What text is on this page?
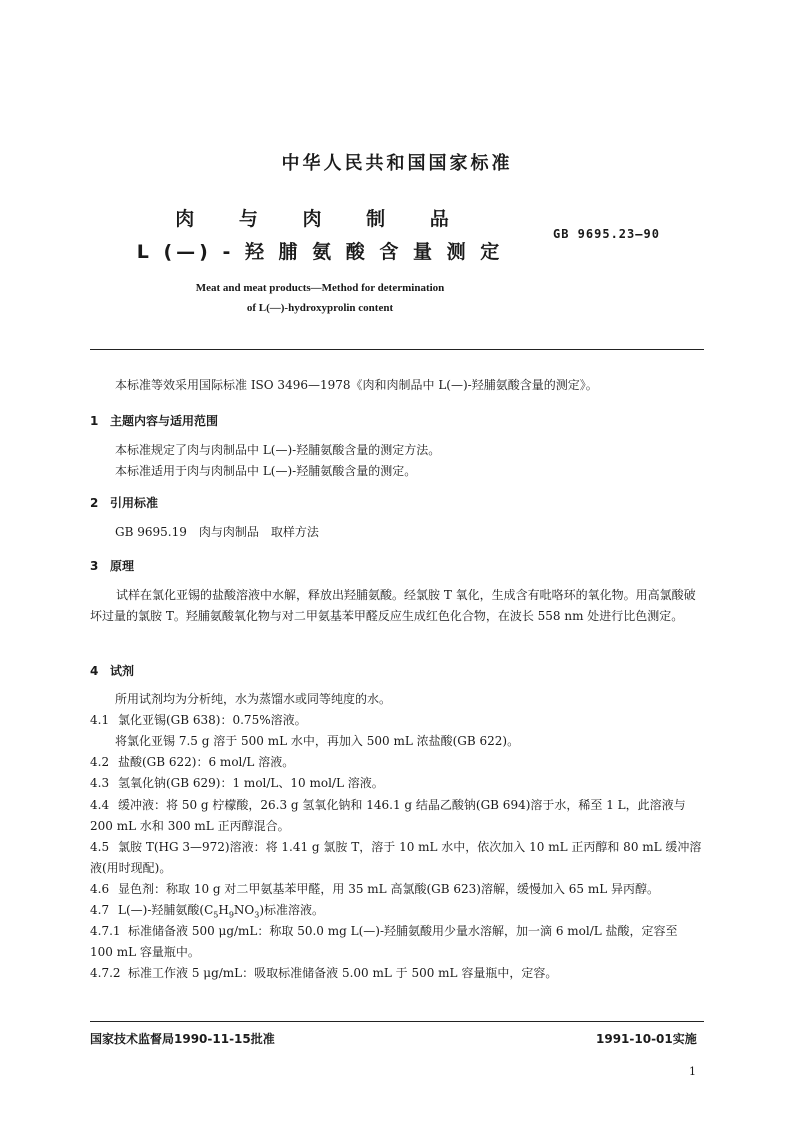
中华人民共和国国家标准
肉 与 肉 制 品
L (—) - 羟 脯 氨 酸 含 量 测 定
GB 9695.23—90
Meat and meat products—Method for determination
of L(—)-hydroxyprolin content
本标准等效采用国际标准 ISO 3496—1978《肉和肉制品中 L(—)-羟脯氨酸含量的测定》。
1 主题内容与适用范围
本标准规定了肉与肉制品中 L(—)-羟脯氨酸含量的测定方法。
本标准适用于肉与肉制品中 L(—)-羟脯氨酸含量的测定。
2 引用标准
GB 9695.19　肉与肉制品　取样方法
3 原理
试样在氯化亚锡的盐酸溶液中水解，释放出羟脯氨酸。经氯胺 T 氧化，生成含有吡咯环的氧化物。用高氯酸破坏过量的氯胺 T。羟脯氨酸氧化物与对二甲氨基苯甲醛反应生成红色化合物，在波长 558 nm 处进行比色测定。
4 试剂
所用试剂均为分析纯，水为蒸馏水或同等纯度的水。
4.1 氯化亚锡(GB 638)：0.75%溶液。
将氯化亚锡 7.5 g 溶于 500 mL 水中，再加入 500 mL 浓盐酸(GB 622)。
4.2 盐酸(GB 622)：6 mol/L 溶液。
4.3 氢氧化钠(GB 629)：1 mol/L、10 mol/L 溶液。
4.4 缓冲液：将 50 g 柠檬酸，26.3 g 氢氧化钠和 146.1 g 结晶乙酸钠(GB 694)溶于水，稀至 1 L，此溶液与 200 mL 水和 300 mL 正丙醇混合。
4.5 氯胺 T(HG 3—972)溶液：将 1.41 g 氯胺 T，溶于 10 mL 水中，依次加入 10 mL 正丙醇和 80 mL 缓冲溶液(用时现配)。
4.6 显色剂：称取 10 g 对二甲氨基苯甲醛，用 35 mL 高氯酸(GB 623)溶解，缓慢加入 65 mL 异丙醇。
4.7 L(—)-羟脯氨酸$(C_5H_9NO_3)$标准溶液。
4.7.1 标准储备液 500 μg/mL：称取 50.0 mg L(—)-羟脯氨酸用少量水溶解，加一滴 6 mol/L 盐酸，定容至 100 mL 容量瓶中。
4.7.2 标准工作液 5 μg/mL：吸取标准储备液 5.00 mL 于 500 mL 容量瓶中，定容。
国家技术监督局1990-11-15批准	1991-10-01实施
1
